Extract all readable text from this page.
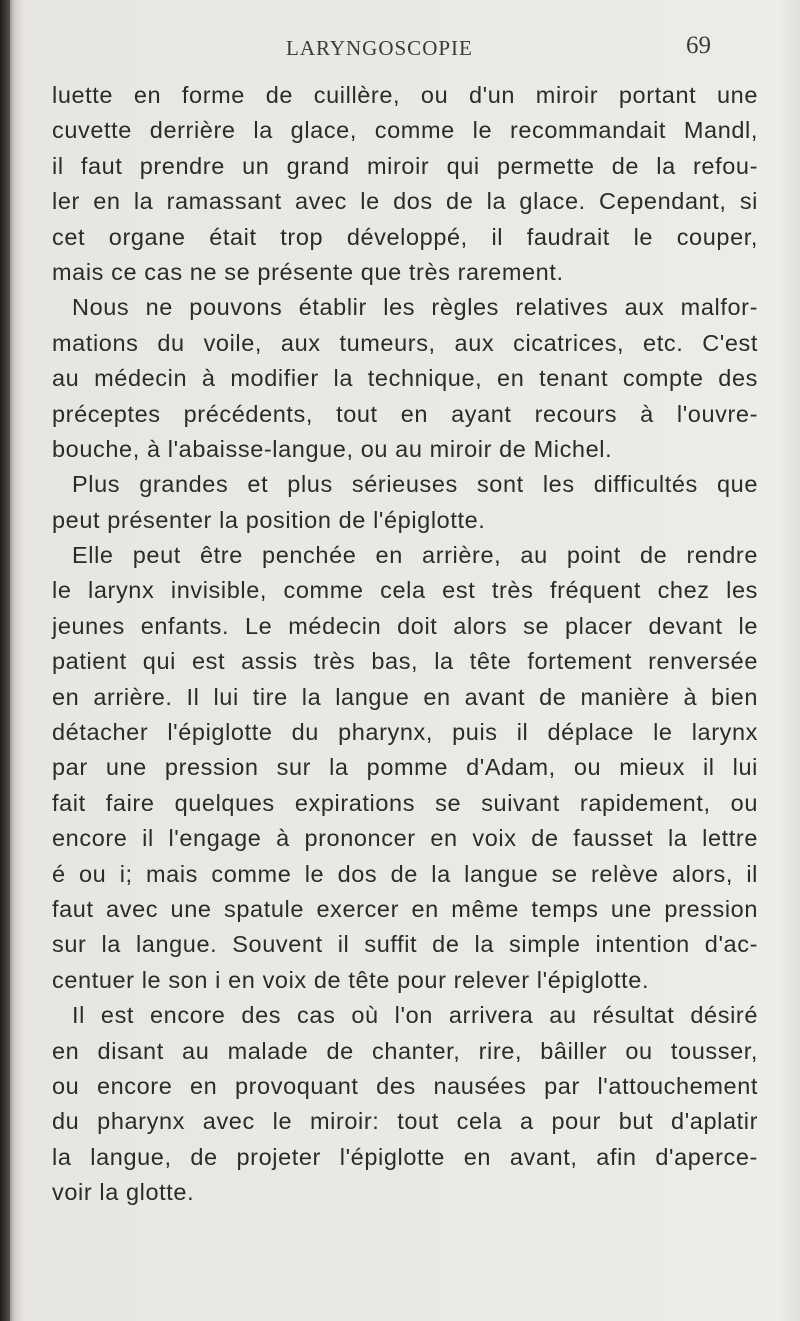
LARYNGOSCOPIE	69
luette en forme de cuillère, ou d'un miroir portant une
cuvette derrière la glace, comme le recommandait Mandl,
il faut prendre un grand miroir qui permette de la refou-
ler en la ramassant avec le dos de la glace. Cependant, si
cet organe était trop développé, il faudrait le couper,
mais ce cas ne se présente que très rarement.
Nous ne pouvons établir les règles relatives aux malfor-
mations du voile, aux tumeurs, aux cicatrices, etc. C'est
au médecin à modifier la technique, en tenant compte des
préceptes précédents, tout en ayant recours à l'ouvre-
bouche, à l'abaisse-langue, ou au miroir de Michel.
Plus grandes et plus sérieuses sont les difficultés que
peut présenter la position de l'épiglotte.
Elle peut être penchée en arrière, au point de rendre
le larynx invisible, comme cela est très fréquent chez les
jeunes enfants. Le médecin doit alors se placer devant le
patient qui est assis très bas, la tête fortement renversée
en arrière. Il lui tire la langue en avant de manière à bien
détacher l'épiglotte du pharynx, puis il déplace le larynx
par une pression sur la pomme d'Adam, ou mieux il lui
fait faire quelques expirations se suivant rapidement, ou
encore il l'engage à prononcer en voix de fausset la lettre
é ou i; mais comme le dos de la langue se relève alors, il
faut avec une spatule exercer en même temps une pression
sur la langue. Souvent il suffit de la simple intention d'ac-
centuer le son i en voix de tête pour relever l'épiglotte.
Il est encore des cas où l'on arrivera au résultat désiré
en disant au malade de chanter, rire, bâiller ou tousser,
ou encore en provoquant des nausées par l'attouchement
du pharynx avec le miroir: tout cela a pour but d'aplatir
la langue, de projeter l'épiglotte en avant, afin d'aperce-
voir la glotte.
